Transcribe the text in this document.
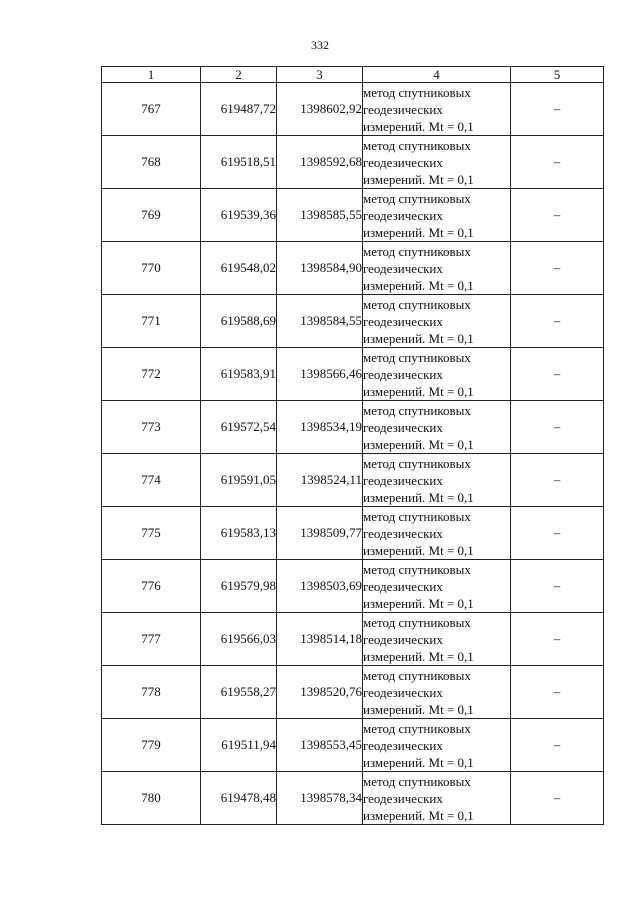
332
1	2	3	4	5
767	619487,72	1398602,92	метод спутниковых
геодезических
измерений. Mt = 0,1	–
768	619518,51	1398592,68	метод спутниковых
геодезических
измерений. Mt = 0,1	–
769	619539,36	1398585,55	метод спутниковых
геодезических
измерений. Mt = 0,1	–
770	619548,02	1398584,90	метод спутниковых
геодезических
измерений. Mt = 0,1	–
771	619588,69	1398584,55	метод спутниковых
геодезических
измерений. Mt = 0,1	–
772	619583,91	1398566,46	метод спутниковых
геодезических
измерений. Mt = 0,1	–
773	619572,54	1398534,19	метод спутниковых
геодезических
измерений. Mt = 0,1	–
774	619591,05	1398524,11	метод спутниковых
геодезических
измерений. Mt = 0,1	–
775	619583,13	1398509,77	метод спутниковых
геодезических
измерений. Mt = 0,1	–
776	619579,98	1398503,69	метод спутниковых
геодезических
измерений. Mt = 0,1	–
777	619566,03	1398514,18	метод спутниковых
геодезических
измерений. Mt = 0,1	–
778	619558,27	1398520,76	метод спутниковых
геодезических
измерений. Mt = 0,1	–
779	619511,94	1398553,45	метод спутниковых
геодезических
измерений. Mt = 0,1	–
780	619478,48	1398578,34	метод спутниковых
геодезических
измерений. Mt = 0,1	–
